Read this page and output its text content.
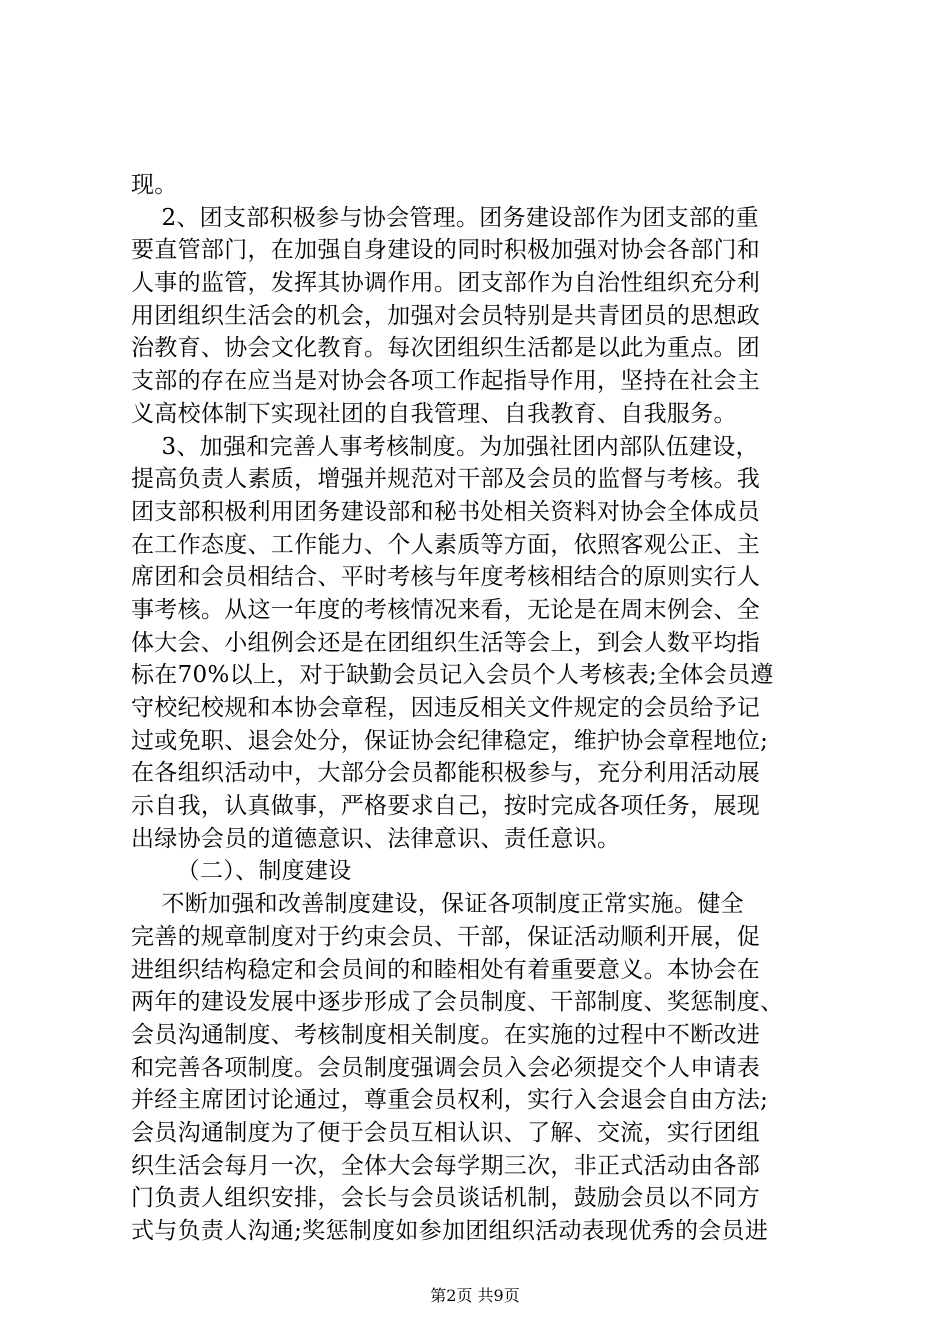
现。
2、团支部积极参与协会管理。团务建设部作为团支部的重
要直管部门，在加强自身建设的同时积极加强对协会各部门和
人事的监管，发挥其协调作用。团支部作为自治性组织充分利
用团组织生活会的机会，加强对会员特别是共青团员的思想政
治教育、协会文化教育。每次团组织生活都是以此为重点。团
支部的存在应当是对协会各项工作起指导作用，坚持在社会主
义高校体制下实现社团的自我管理、自我教育、自我服务。
3、加强和完善人事考核制度。为加强社团内部队伍建设，
提高负责人素质，增强并规范对干部及会员的监督与考核。我
团支部积极利用团务建设部和秘书处相关资料对协会全体成员
在工作态度、工作能力、个人素质等方面，依照客观公正、主
席团和会员相结合、平时考核与年度考核相结合的原则实行人
事考核。从这一年度的考核情况来看，无论是在周末例会、全
体大会、小组例会还是在团组织生活等会上，到会人数平均指
标在70%以上，对于缺勤会员记入会员个人考核表;全体会员遵
守校纪校规和本协会章程，因违反相关文件规定的会员给予记
过或免职、退会处分，保证协会纪律稳定，维护协会章程地位;
在各组织活动中，大部分会员都能积极参与，充分利用活动展
示自我，认真做事，严格要求自己，按时完成各项任务，展现
出绿协会员的道德意识、法律意识、责任意识。
（二）、制度建设
不断加强和改善制度建设，保证各项制度正常实施。健全
完善的规章制度对于约束会员、干部，保证活动顺利开展，促
进组织结构稳定和会员间的和睦相处有着重要意义。本协会在
两年的建设发展中逐步形成了会员制度、干部制度、奖惩制度、
会员沟通制度、考核制度相关制度。在实施的过程中不断改进
和完善各项制度。会员制度强调会员入会必须提交个人申请表
并经主席团讨论通过，尊重会员权利，实行入会退会自由方法;
会员沟通制度为了便于会员互相认识、了解、交流，实行团组
织生活会每月一次，全体大会每学期三次，非正式活动由各部
门负责人组织安排，会长与会员谈话机制，鼓励会员以不同方
式与负责人沟通;奖惩制度如参加团组织活动表现优秀的会员进
第2页 共9页
